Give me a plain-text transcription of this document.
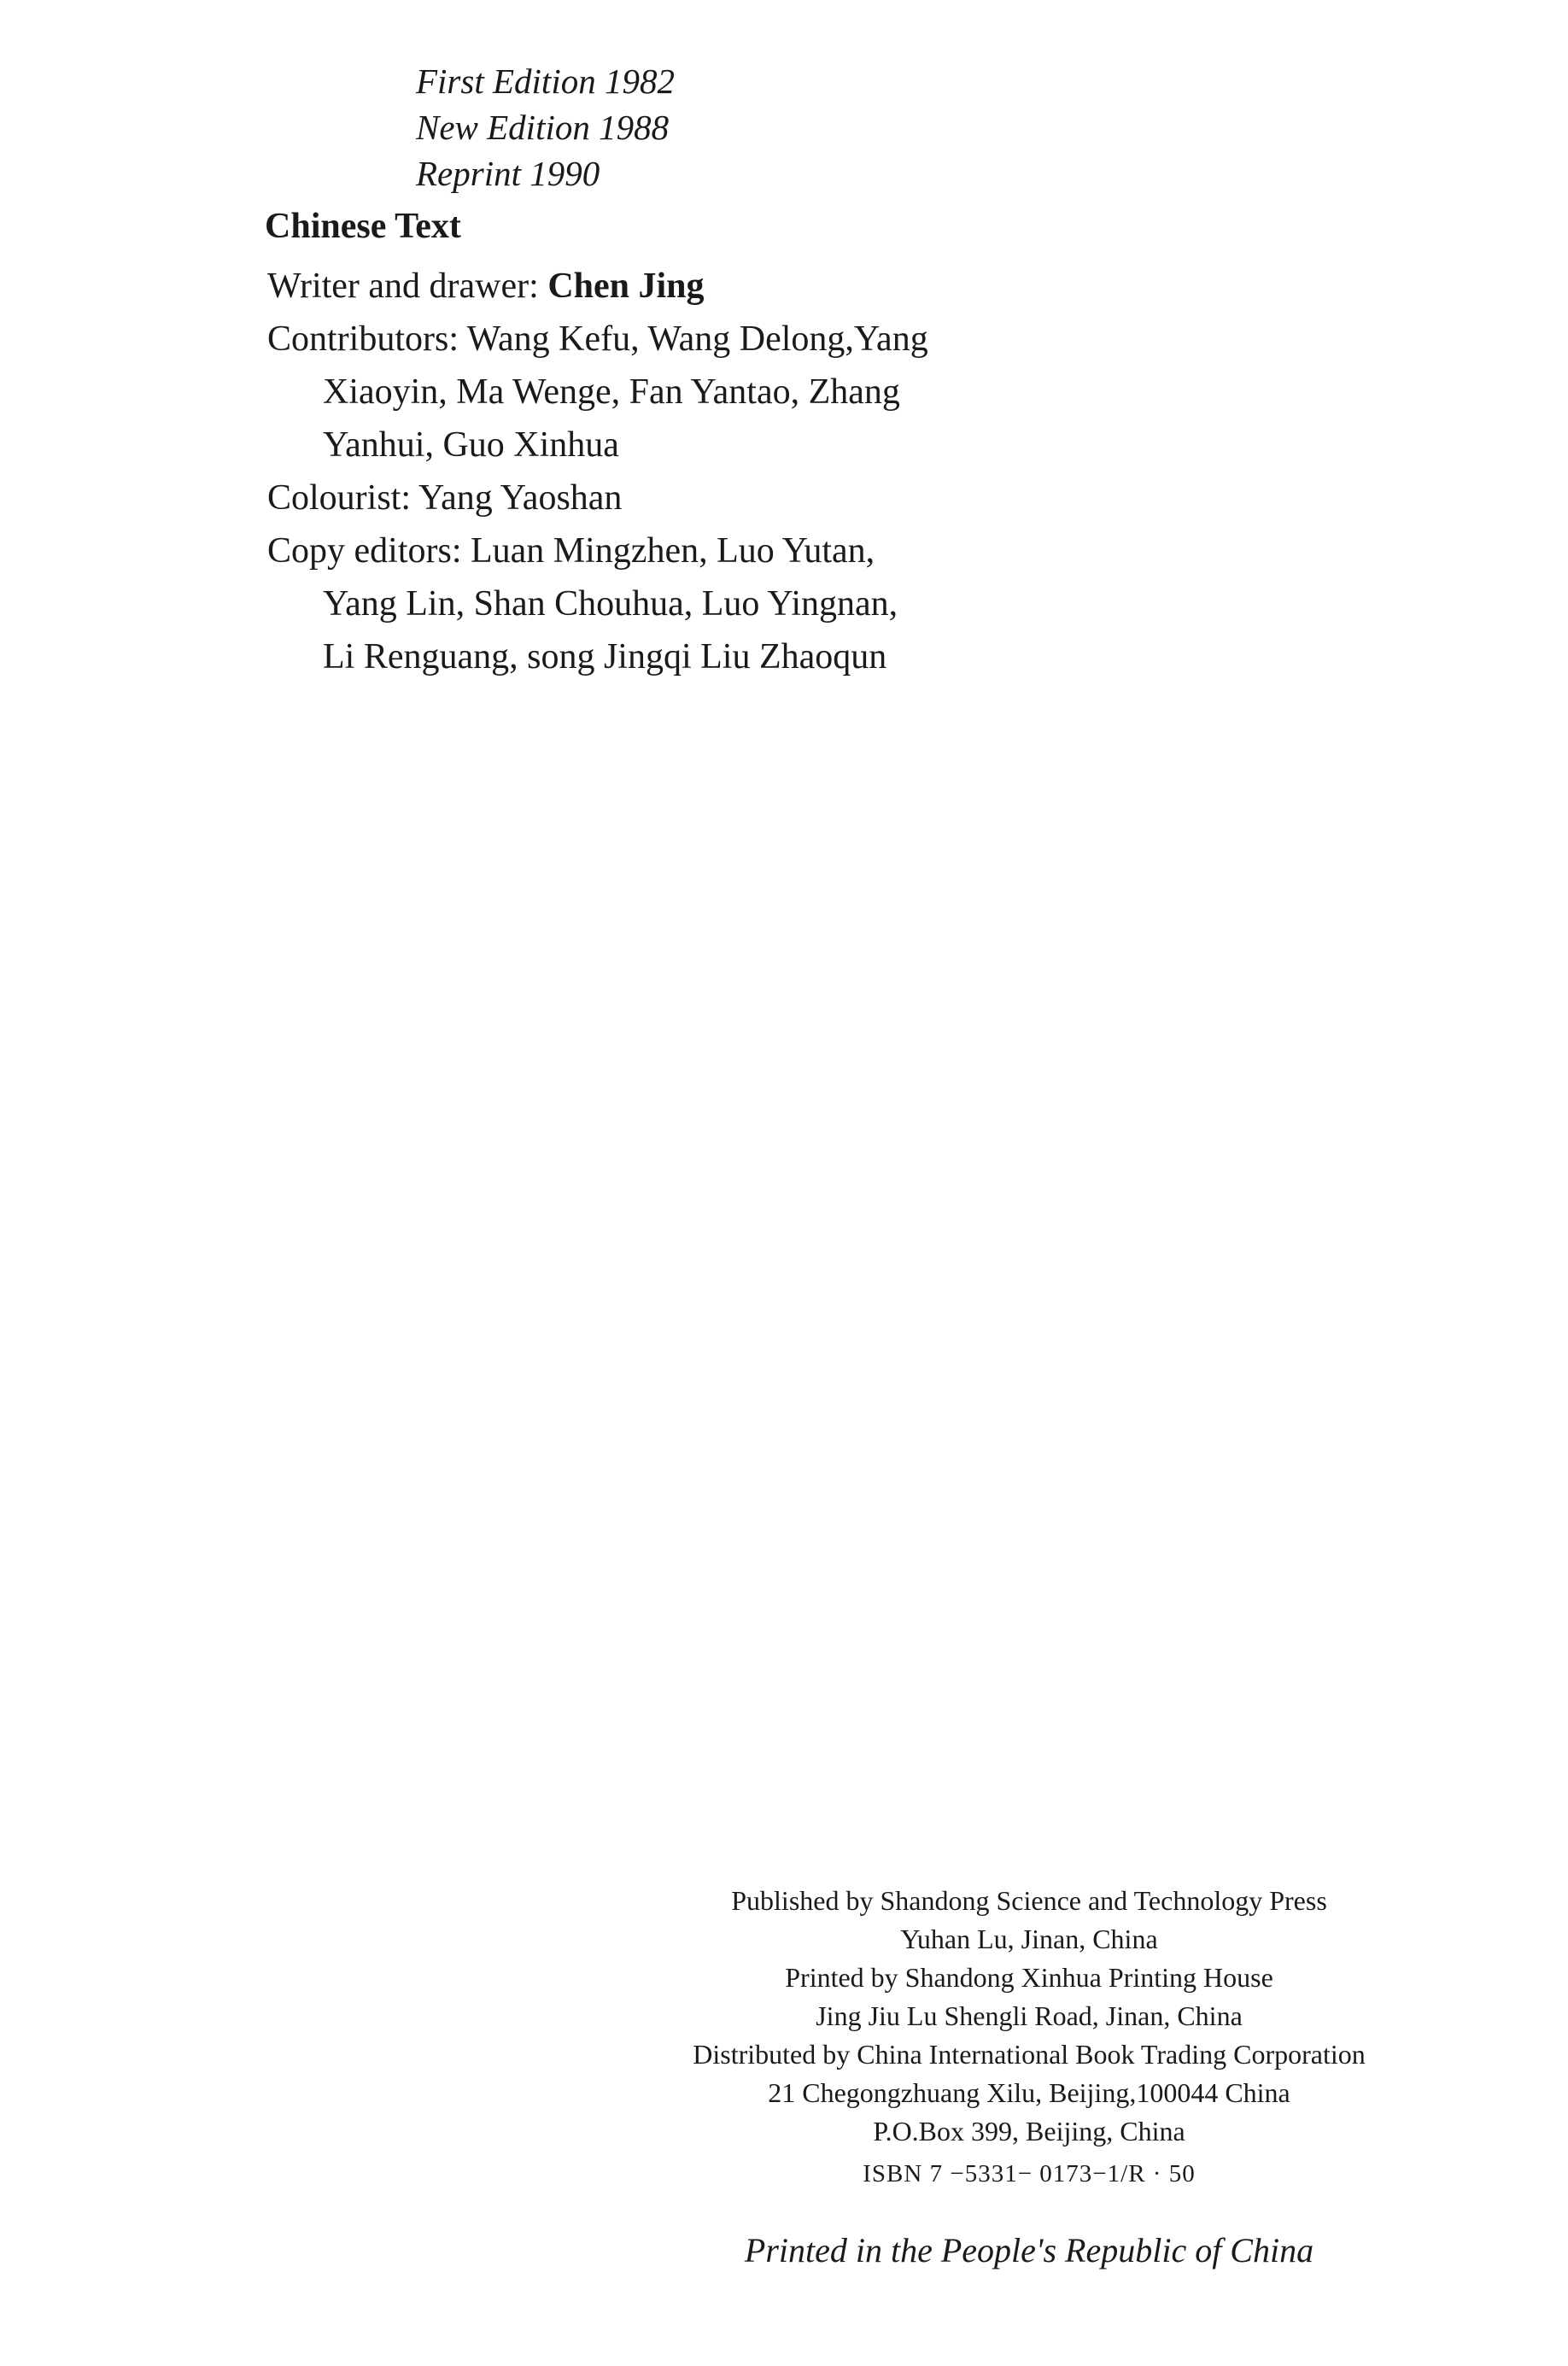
First Edition 1982
New Edition 1988
Reprint 1990
Chinese Text
Writer and drawer: Chen Jing
Contributors: Wang Kefu, Wang Delong,Yang
Xiaoyin, Ma Wenge, Fan Yantao, Zhang
Yanhui, Guo Xinhua
Colourist: Yang Yaoshan
Copy editors: Luan Mingzhen, Luo Yutan,
Yang Lin, Shan Chouhua, Luo Yingnan,
Li Renguang, song Jingqi Liu Zhaoqun
Published by Shandong Science and Technology Press
Yuhan Lu, Jinan, China
Printed by Shandong Xinhua Printing House
Jing Jiu Lu Shengli Road, Jinan, China
Distributed by China International Book Trading Corporation
21 Chegongzhuang Xilu, Beijing,100044 China
P.O.Box 399, Beijing, China
ISBN 7 −5331− 0173−1/R · 50
Printed in the People's Republic of China
